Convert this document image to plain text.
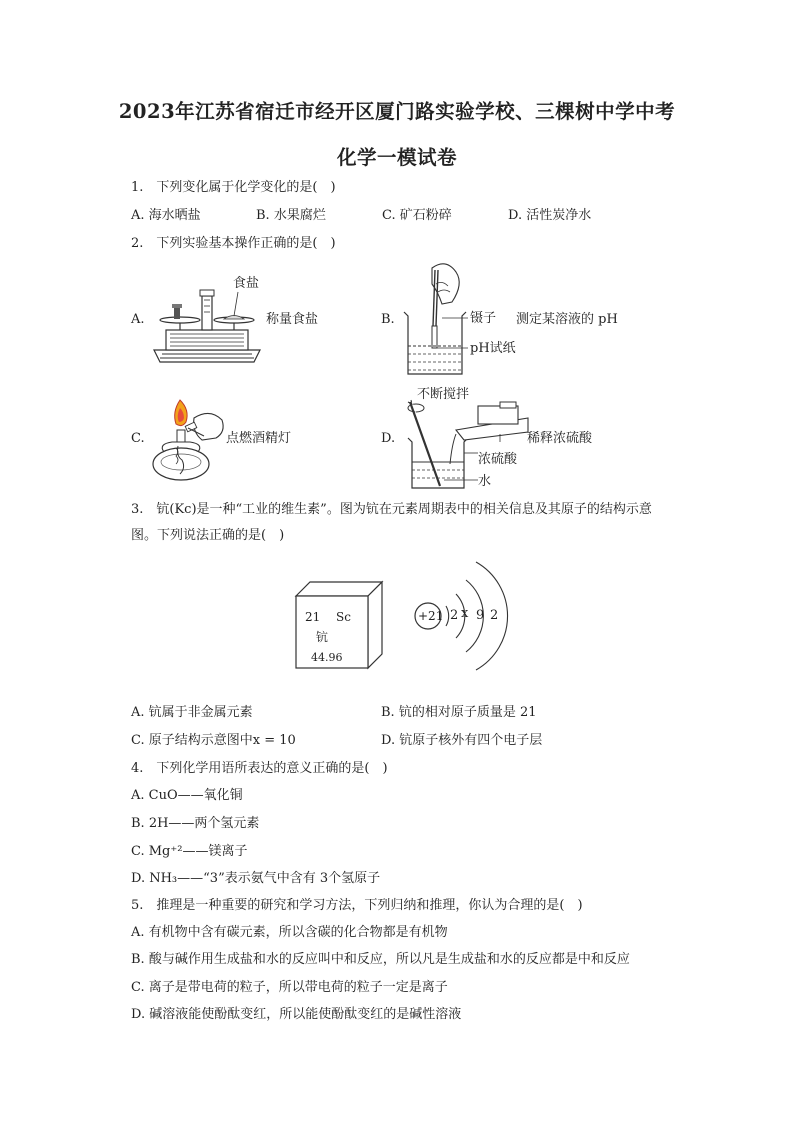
2023年江苏省宿迁市经开区厦门路实验学校、三棵树中学中考
化学一模试卷
1.　下列变化属于化学变化的是(　)
A. 海水晒盐	B. 水果腐烂	C. 矿石粉碎	D. 活性炭净水
2.　下列实验基本操作正确的是(　)
A.
食盐
称量食盐	B.	镊子 测定某溶液的 pH
pH试纸
C.	点燃酒精灯	D.
不断搅拌
稀释浓硫酸
浓硫酸
水
3.　钪(Kc)是一种“工业的维生素”。图为钪在元素周期表中的相关信息及其原子的结构示意
图。下列说法正确的是(　)
21 Sc
钪
44.96
+21 2 x 9 2
A. 钪属于非金属元素	B. 钪的相对原子质量是 21
C. 原子结构示意图中x = 10	D. 钪原子核外有四个电子层
4.　下列化学用语所表达的意义正确的是(　)
A. CuO——氧化铜
B. 2H——两个氢元素
C. Mg⁺²——镁离子
D. NH₃——“3”表示氨气中含有 3个氢原子
5.　推理是一种重要的研究和学习方法，下列归纳和推理，你认为合理的是(　)
A. 有机物中含有碳元素，所以含碳的化合物都是有机物
B. 酸与碱作用生成盐和水的反应叫中和反应，所以凡是生成盐和水的反应都是中和反应
C. 离子是带电荷的粒子，所以带电荷的粒子一定是离子
D. 碱溶液能使酚酞变红，所以能使酚酞变红的是碱性溶液
